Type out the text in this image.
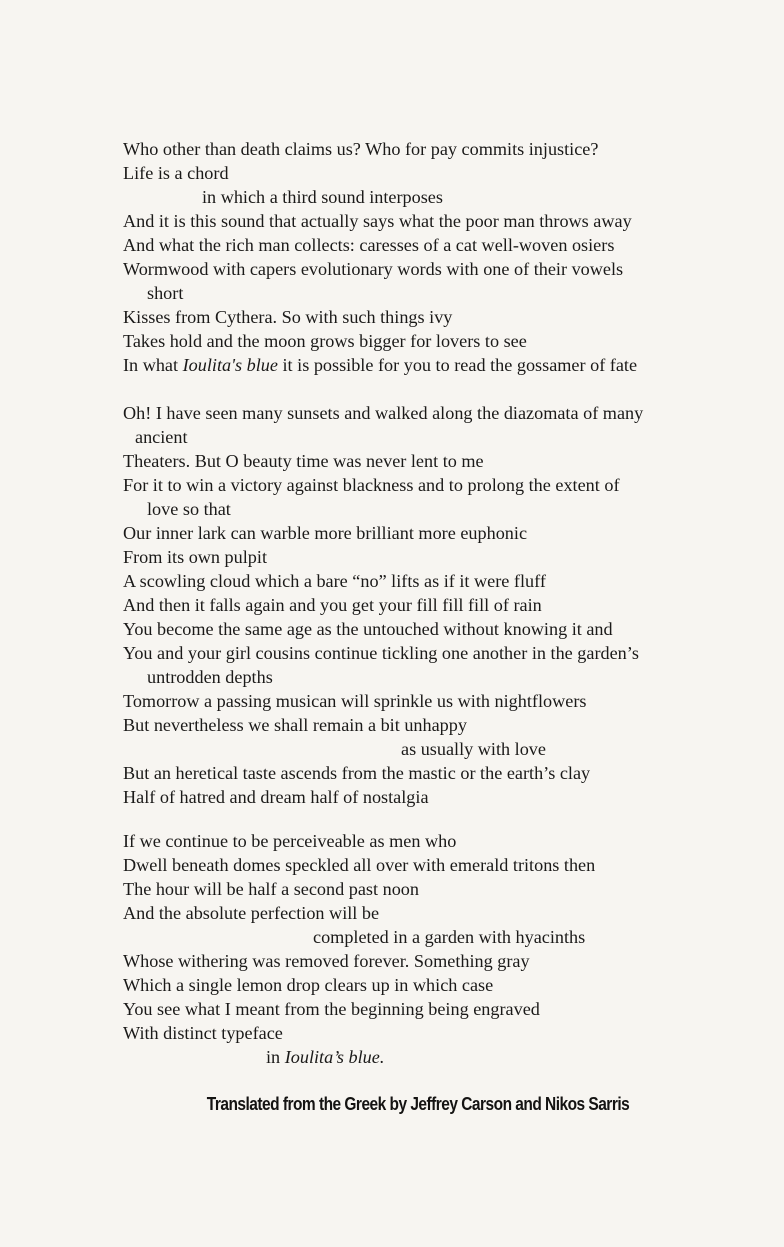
Who other than death claims us? Who for pay commits injustice?
Life is a chord
in which a third sound interposes
And it is this sound that actually says what the poor man throws away
And what the rich man collects: caresses of a cat well-woven osiers
Wormwood with capers evolutionary words with one of their vowels
short
Kisses from Cythera. So with such things ivy
Takes hold and the moon grows bigger for lovers to see
In what Ioulita's blue it is possible for you to read the gossamer of fate
Oh! I have seen many sunsets and walked along the diazomata of many
ancient
Theaters. But O beauty time was never lent to me
For it to win a victory against blackness and to prolong the extent of
love so that
Our inner lark can warble more brilliant more euphonic
From its own pulpit
A scowling cloud which a bare “no” lifts as if it were fluff
And then it falls again and you get your fill fill fill of rain
You become the same age as the untouched without knowing it and
You and your girl cousins continue tickling one another in the garden’s
untrodden depths
Tomorrow a passing musican will sprinkle us with nightflowers
But nevertheless we shall remain a bit unhappy
as usually with love
But an heretical taste ascends from the mastic or the earth’s clay
Half of hatred and dream half of nostalgia
If we continue to be perceiveable as men who
Dwell beneath domes speckled all over with emerald tritons then
The hour will be half a second past noon
And the absolute perfection will be
completed in a garden with hyacinths
Whose withering was removed forever. Something gray
Which a single lemon drop clears up in which case
You see what I meant from the beginning being engraved
With distinct typeface
in Ioulita’s blue.
Translated from the Greek by Jeffrey Carson and Nikos Sarris
